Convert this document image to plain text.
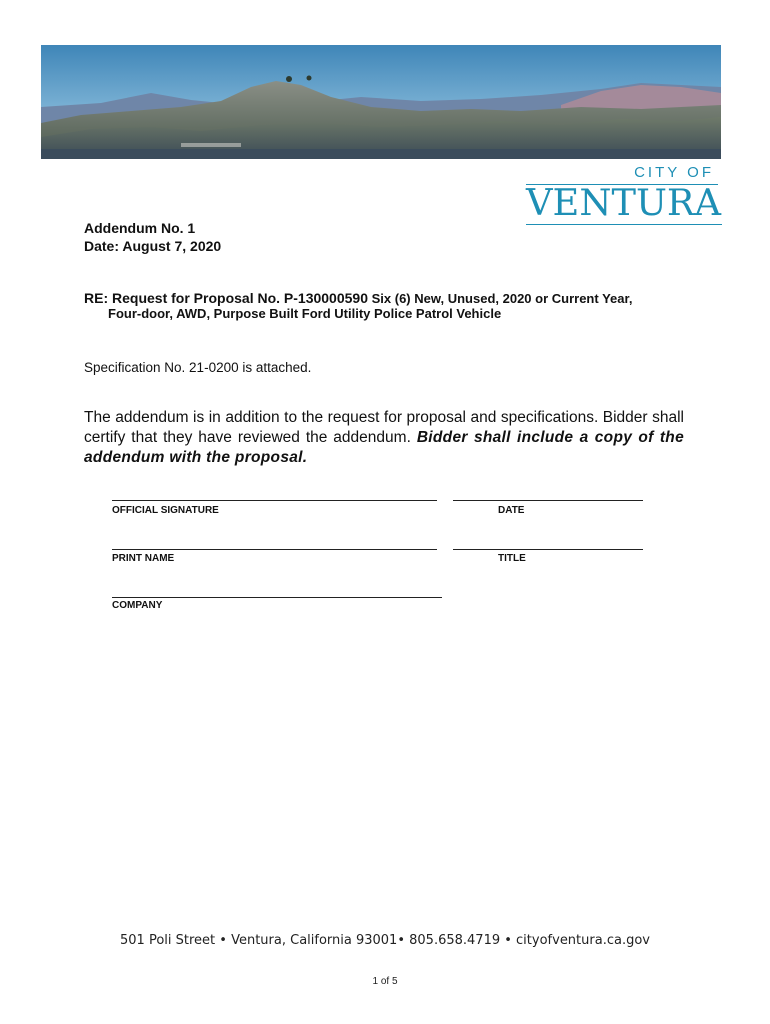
CITY OF
VENTURA
Addendum No. 1
Date: August 7, 2020
RE: Request for Proposal No. P-130000590 Six (6) New, Unused, 2020 or Current Year,
Four-door, AWD, Purpose Built Ford Utility Police Patrol Vehicle
Specification No. 21-0200 is attached.
The addendum is in addition to the request for proposal and specifications. Bidder shall certify that they have reviewed the addendum. Bidder shall include a copy of the addendum with the proposal.
OFFICIAL SIGNATURE	DATE
PRINT NAME	TITLE
COMPANY
501 Poli Street • Ventura, California 93001• 805.658.4719 • cityofventura.ca.gov
1 of 5
